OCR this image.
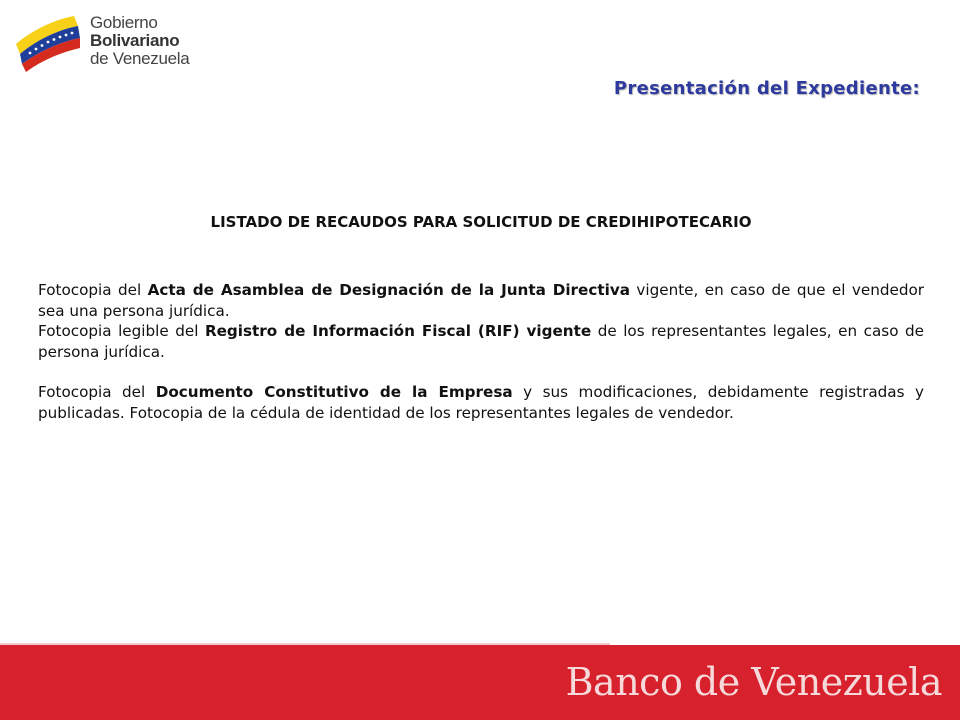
Gobierno
Bolivariano
de Venezuela
Presentación del Expediente:
LISTADO DE RECAUDOS PARA SOLICITUD DE CREDIHIPOTECARIO

Fotocopia del Acta de Asamblea de Designación de la Junta Directiva vigente, en caso de que el vendedor sea una persona jurídica.

Fotocopia legible del Registro de Información Fiscal (RIF) vigente de los representantes legales, en caso de persona jurídica.

Fotocopia del Documento Constitutivo de la Empresa y sus modificaciones, debidamente registradas y publicadas. Fotocopia de la cédula de identidad de los representantes legales de vendedor.

Banco de Venezuela
